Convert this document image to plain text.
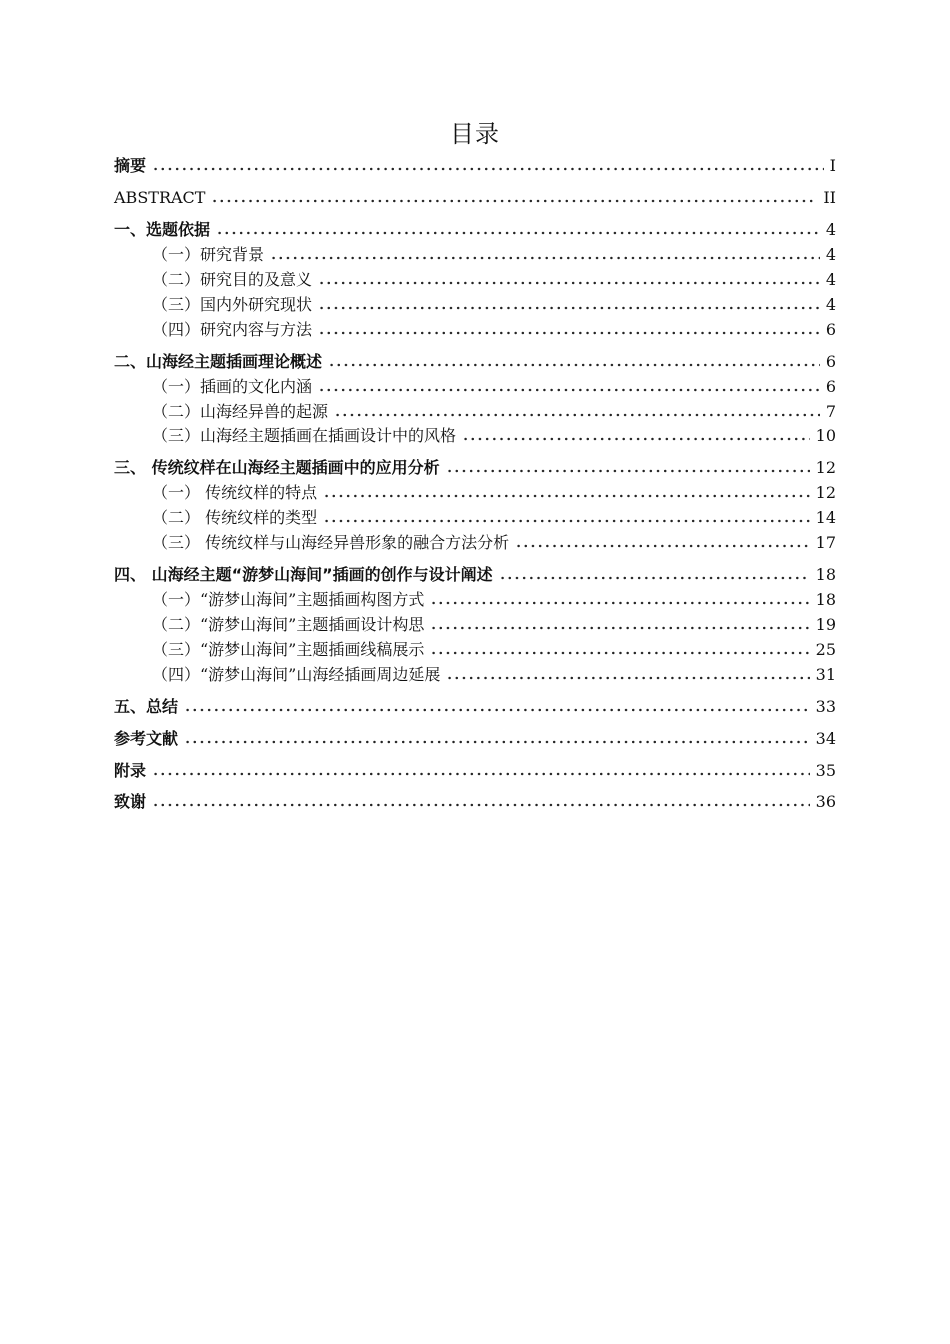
目录
摘要	I
ABSTRACT	II
一、选题依据	4
（一）研究背景	4
（二）研究目的及意义	4
（三）国内外研究现状	4
（四）研究内容与方法	6
二、山海经主题插画理论概述	6
（一）插画的文化内涵	6
（二）山海经异兽的起源	7
（三）山海经主题插画在插画设计中的风格	10
三、 传统纹样在山海经主题插画中的应用分析	12
（一） 传统纹样的特点	12
（二） 传统纹样的类型	14
（三） 传统纹样与山海经异兽形象的融合方法分析	17
四、 山海经主题“游梦山海间”插画的创作与设计阐述	18
（一）“游梦山海间”主题插画构图方式	18
（二）“游梦山海间”主题插画设计构思	19
（三）“游梦山海间”主题插画线稿展示	25
（四）“游梦山海间”山海经插画周边延展	31
五、总结	33
参考文献	34
附录	35
致谢	36
